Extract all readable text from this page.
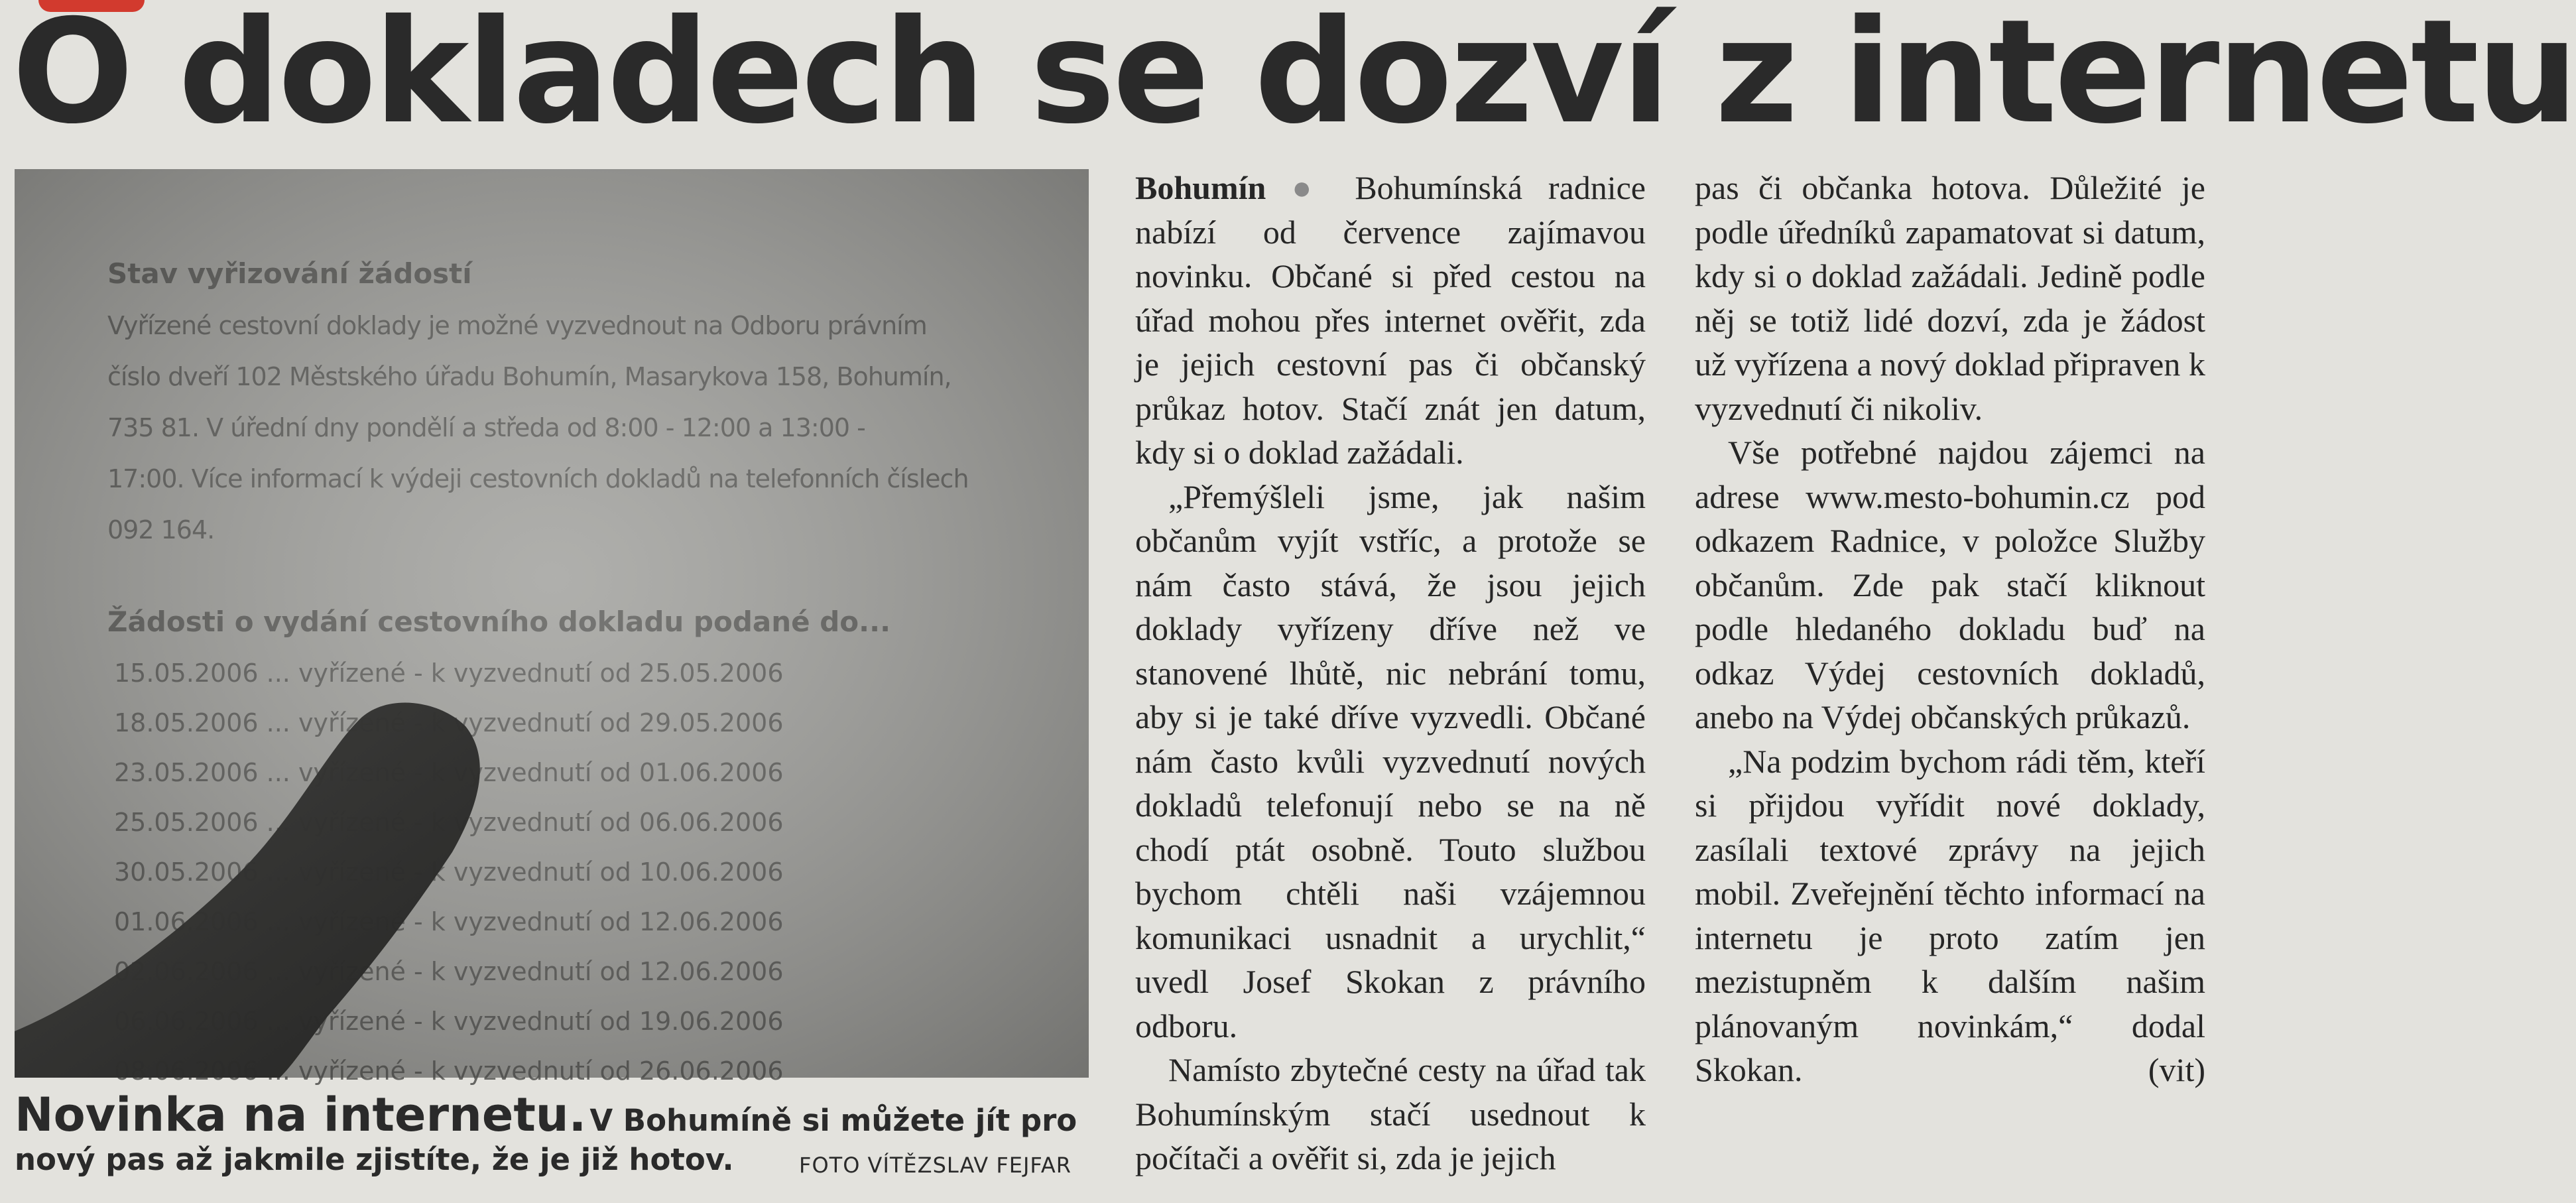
O dokladech se dozví z internetu
Novinka na internetu. V Bohumíně si můžete jít pro nový pas až jakmile zjistíte, že je již hotov.	FOTO VÍTĚZSLAV FEJFAR

Bohumín ● Bohumínská radnice nabízí od července zajímavou novinku. Občané si před cestou na úřad mohou přes internet ověřit, zda je jejich cestovní pas či občanský průkaz hotov. Stačí znát jen datum, kdy si o doklad zažádali.

„Přemýšleli jsme, jak našim občanům vyjít vstříc, a protože se nám často stává, že jsou jejich doklady vyřízeny dříve než ve stanovené lhůtě, nic nebrání tomu, aby si je také dříve vyzvedli. Občané nám často kvůli vyzvednutí nových dokladů telefonují nebo se na ně chodí ptát osobně. Touto službou bychom chtěli naši vzájemnou komunikaci usnadnit a urychlit,“ uvedl Josef Skokan z právního odboru.

Namísto zbytečné cesty na úřad tak Bohumínským stačí usednout k počítači a ověřit si, zda je jejich

pas či občanka hotova. Důležité je podle úředníků zapamatovat si datum, kdy si o doklad zažádali. Jedině podle něj se totiž lidé dozví, zda je žádost už vyřízena a nový doklad připraven k vyzvednutí či nikoliv.

Vše potřebné najdou zájemci na adrese www.mesto-bohumin.cz pod odkazem Radnice, v položce Služby občanům. Zde pak stačí kliknout podle hledaného dokladu buď na odkaz Výdej cestovních dokladů, anebo na Výdej občanských průkazů.

„Na podzim bychom rádi těm, kteří si přijdou vyřídit nové doklady, zasílali textové zprávy na jejich mobil. Zveřejnění těchto informací na internetu je proto zatím jen mezistupněm k dalším našim plánovaným novinkám,“ dodal Skokan.	(vit)
